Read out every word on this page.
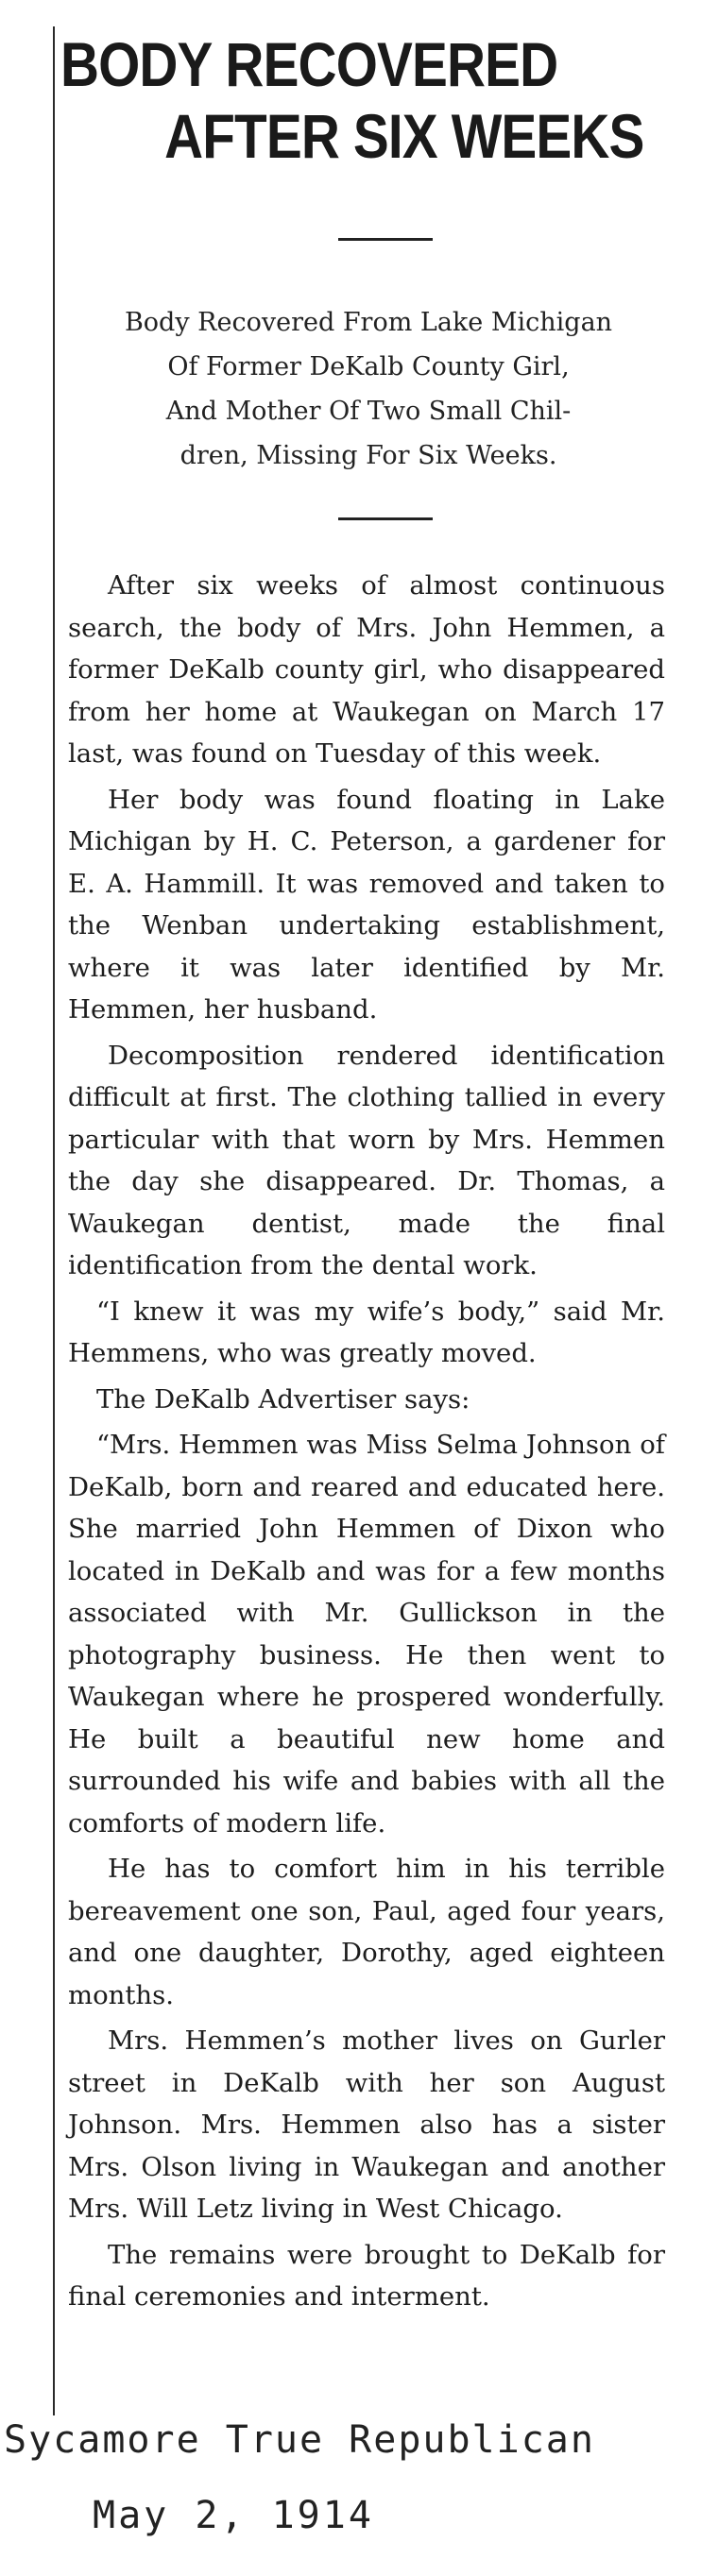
BODY RECOVERED
AFTER SIX WEEKS
Body Recovered From Lake Michigan
Of Former DeKalb County Girl,
And Mother Of Two Small Chil-
dren, Missing For Six Weeks.

After six weeks of almost continuous search, the body of Mrs. John Hemmen, a former DeKalb county girl, who disappeared from her home at Waukegan on March 17 last, was found on Tuesday of this week.

Her body was found floating in Lake Michigan by H. C. Peterson, a gardener for E. A. Hammill. It was removed and taken to the Wenban undertaking establishment, where it was later identified by Mr. Hemmen, her husband.

Decomposition rendered identification difficult at first. The clothing tallied in every particular with that worn by Mrs. Hemmen the day she disappeared. Dr. Thomas, a Waukegan dentist, made the final identification from the dental work.

“I knew it was my wife’s body,” said Mr. Hemmens, who was greatly moved.

The DeKalb Advertiser says:

“Mrs. Hemmen was Miss Selma Johnson of DeKalb, born and reared and educated here. She married John Hemmen of Dixon who located in DeKalb and was for a few months associated with Mr. Gullickson in the photography business. He then went to Waukegan where he prospered wonderfully. He built a beautiful new home and surrounded his wife and babies with all the comforts of modern life.

He has to comfort him in his terrible bereavement one son, Paul, aged four years, and one daughter, Dorothy, aged eighteen months.

Mrs. Hemmen’s mother lives on Gurler street in DeKalb with her son August Johnson. Mrs. Hemmen also has a sister Mrs. Olson living in Waukegan and another Mrs. Will Letz living in West Chicago.

The remains were brought to DeKalb for final ceremonies and interment.

Sycamore True Republican
May 2, 1914
